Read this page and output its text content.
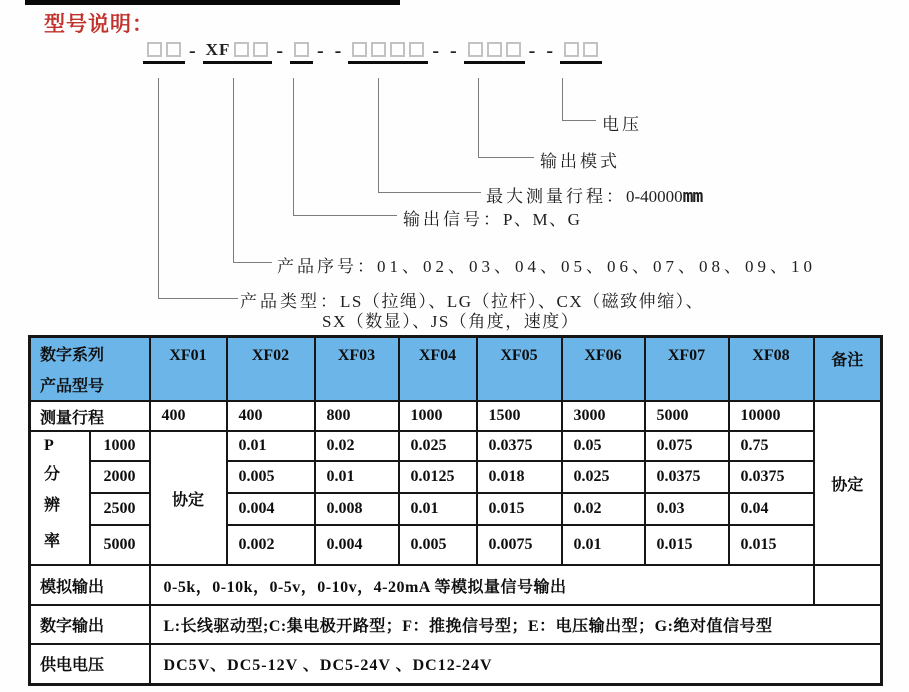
型号说明：
- XF - - -	- -	- -
电压
输出模式
最大测量行程：0-40000mm
输出信号：P、M、G
产品序号：01、02、03、04、05、06、07、08、09、10
产品类型：LS（拉绳）、LG（拉杆）、CX（磁致伸缩）、
SX（数显）、JS（角度，速度）
数字系列
产品型号		XF01	XF02	XF03	XF04	XF05	XF06	XF07	XF08	备注
测量行程		400	400	800	1000	1500	3000	5000	10000	协定

P
分
辨
率	1000	协定	0.01	0.02	0.025	0.0375	0.05	0.075	0.75	
	2000		0.005	0.01	0.0125	0.018	0.025	0.0375	0.0375	
	2500		0.004	0.008	0.01	0.015	0.02	0.03	0.04	
	5000		0.002	0.004	0.005	0.0075	0.01	0.015	0.015	
模拟输出		0-5k，0-10k，0-5v，0-10v，4-20mA 等模拟量信号输出								
数字输出		L:长线驱动型;C:集电极开路型；F：推挽信号型；E：电压输出型；G:绝对值信号型								
供电电压		DC5V、DC5-12V 、DC5-24V 、DC12-24V								
